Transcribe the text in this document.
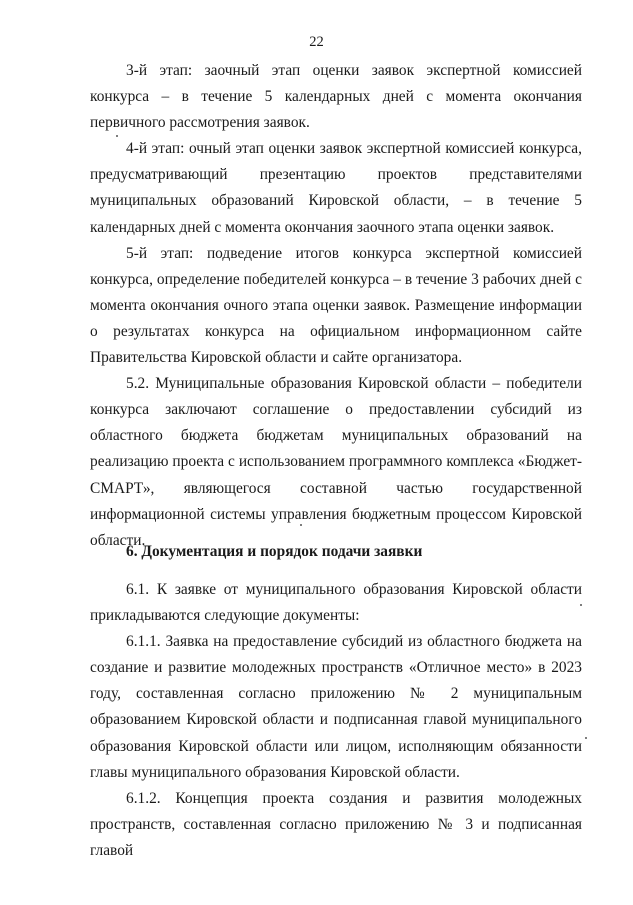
22

3-й этап: заочный этап оценки заявок экспертной комиссией конкурса – в течение 5 календарных дней с момента окончания первичного рассмотрения заявок.

4-й этап: очный этап оценки заявок экспертной комиссией конкурса, предусматривающий презентацию проектов представителями муниципальных образований Кировской области, – в течение 5 календарных дней с момента окончания заочного этапа оценки заявок.

5-й этап: подведение итогов конкурса экспертной комиссией конкурса, определение победителей конкурса – в течение 3 рабочих дней с момента окончания очного этапа оценки заявок. Размещение информации о результатах конкурса на официальном информационном сайте Правительства Кировской области и сайте организатора.

5.2. Муниципальные образования Кировской области – победители конкурса заключают соглашение о предоставлении субсидий из областного бюджета бюджетам муниципальных образований на реализацию проекта с использованием программного комплекса «Бюджет-СМАРТ», являющегося составной частью государственной информационной системы управления бюджетным процессом Кировской области.

6. Документация и порядок подачи заявки

6.1. К заявке от муниципального образования Кировской области прикладываются следующие документы:

6.1.1. Заявка на предоставление субсидий из областного бюджета на создание и развитие молодежных пространств «Отличное место» в 2023 году, составленная согласно приложению № 2 муниципальным образованием Кировской области и подписанная главой муниципального образования Кировской области или лицом, исполняющим обязанности главы муниципального образования Кировской области.

6.1.2. Концепция проекта создания и развития молодежных пространств, составленная согласно приложению № 3 и подписанная главой
